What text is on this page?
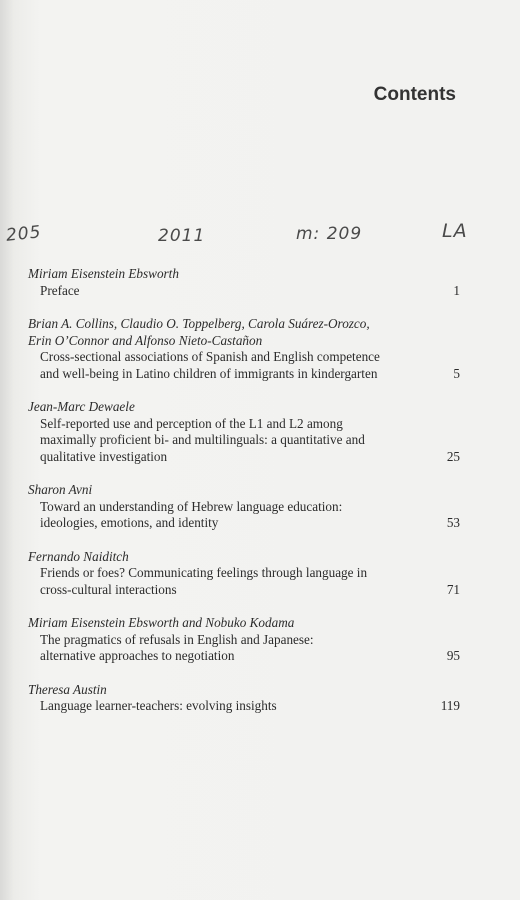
Contents
205	2011	m: 209	LA
Miriam Eisenstein Ebsworth
Preface	1
Brian A. Collins, Claudio O. Toppelberg, Carola Suárez-Orozco,
Erin O’Connor and Alfonso Nieto-Castañon
Cross-sectional associations of Spanish and English competence
and well-being in Latino children of immigrants in kindergarten	5
Jean-Marc Dewaele
Self-reported use and perception of the L1 and L2 among
maximally proficient bi- and multilinguals: a quantitative and
qualitative investigation	25
Sharon Avni
Toward an understanding of Hebrew language education:
ideologies, emotions, and identity	53
Fernando Naiditch
Friends or foes? Communicating feelings through language in
cross-cultural interactions	71
Miriam Eisenstein Ebsworth and Nobuko Kodama
The pragmatics of refusals in English and Japanese:
alternative approaches to negotiation	95
Theresa Austin
Language learner-teachers: evolving insights	119
